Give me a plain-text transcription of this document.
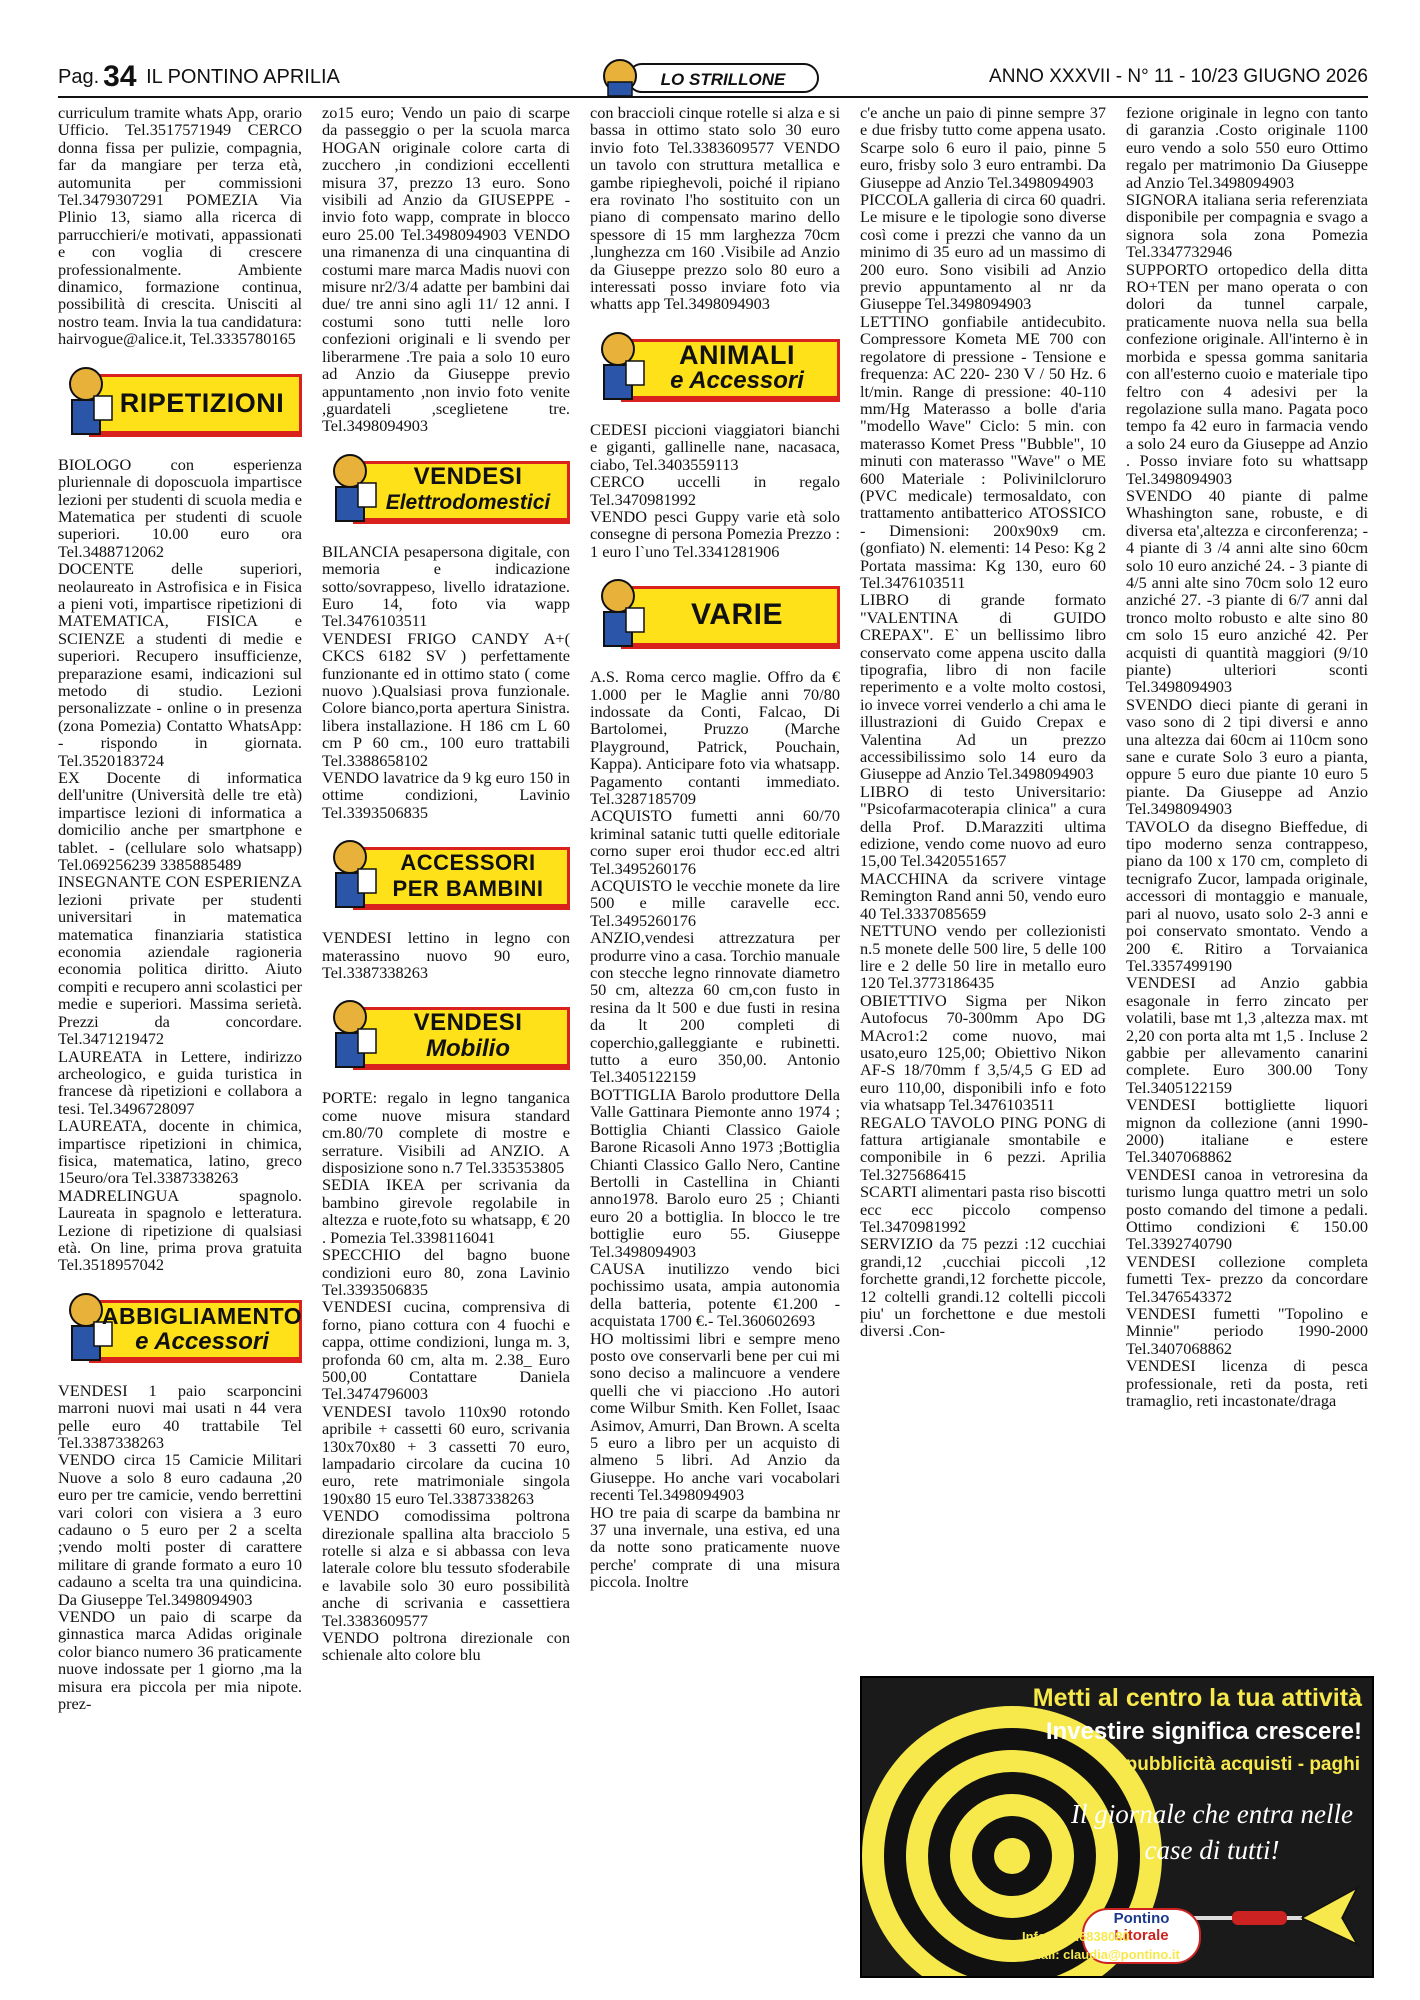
Pag. 34 IL PONTINO APRILIA	LO STRILLONE	ANNO XXXVII - N° 11 - 10/23 GIUGNO 2026

curriculum tramite whats App, orario Ufficio. Tel.3517571949 CERCO donna fissa per pulizie, compagnia, far da mangiare per terza età, automunita per commissioni Tel.3479307291 POMEZIA Via Plinio 13, siamo alla ricerca di parrucchieri/e motivati, appassionati e con voglia di crescere professionalmente. Ambiente dinamico, formazione continua, possibilità di crescita. Unisciti al nostro team. Invia la tua candidatura: hairvogue@alice.it, Tel.3335780165

RIPETIZIONI

BIOLOGO con esperienza pluriennale di doposcuola impartisce lezioni per studenti di scuola media e Matematica per studenti di scuole superiori. 10.00 euro ora Tel.3488712062

DOCENTE delle superiori, neolaureato in Astrofisica e in Fisica a pieni voti, impartisce ripetizioni di MATEMATICA, FISICA e SCIENZE a studenti di medie e superiori. Recupero insufficienze, preparazione esami, indicazioni sul metodo di studio. Lezioni personalizzate - online o in presenza (zona Pomezia) Contatto WhatsApp: - rispondo in giornata. Tel.3520183724

EX Docente di informatica dell'unitre (Università delle tre età) impartisce lezioni di informatica a domicilio anche per smartphone e tablet. - (cellulare solo whatsapp) Tel.069256239 3385885489

INSEGNANTE CON ESPERIENZA lezioni private per studenti universitari in matematica matematica finanziaria statistica economia aziendale ragioneria economia politica diritto. Aiuto compiti e recupero anni scolastici per medie e superiori. Massima serietà. Prezzi da concordare. Tel.3471219472

LAUREATA in Lettere, indirizzo archeologico, e guida turistica in francese dà ripetizioni e collabora a tesi. Tel.3496728097

LAUREATA, docente in chimica, impartisce ripetizioni in chimica, fisica, matematica, latino, greco 15euro/ora Tel.3387338263

MADRELINGUA spagnolo. Laureata in spagnolo e letteratura. Lezione di ripetizione di qualsiasi età. On line, prima prova gratuita Tel.3518957042

ABBIGLIAMENTO
e Accessori

VENDESI 1 paio scarponcini marroni nuovi mai usati n 44 vera pelle euro 40 trattabile Tel Tel.3387338263

VENDO circa 15 Camicie Militari Nuove a solo 8 euro cadauna ,20 euro per tre camicie, vendo berrettini vari colori con visiera a 3 euro cadauno o 5 euro per 2 a scelta ;vendo molti poster di carattere militare di grande formato a euro 10 cadauno a scelta tra una quindicina. Da Giuseppe Tel.3498094903

VENDO un paio di scarpe da ginnastica marca Adidas originale color bianco numero 36 praticamente nuove indossate per 1 giorno ,ma la misura era piccola per mia nipote. prez-

zo15 euro; Vendo un paio di scarpe da passeggio o per la scuola marca HOGAN originale colore carta di zucchero ,in condizioni eccellenti misura 37, prezzo 13 euro. Sono visibili ad Anzio da GIUSEPPE -invio foto wapp, comprate in blocco euro 25.00 Tel.3498094903 VENDO una rimanenza di una cinquantina di costumi mare marca Madis nuovi con misure nr2/3/4 adatte per bambini dai due/ tre anni sino agli 11/ 12 anni. I costumi sono tutti nelle loro confezioni originali e li svendo per liberarmene .Tre paia a solo 10 euro ad Anzio da Giuseppe previo appuntamento ,non invio foto venite ,guardateli ,sceglietene tre. Tel.3498094903

VENDESI
Elettrodomestici

BILANCIA pesapersona digitale, con memoria e indicazione sotto/sovrappeso, livello idratazione. Euro 14, foto via wapp Tel.3476103511

VENDESI FRIGO CANDY A+( CKCS 6182 SV ) perfettamente funzionante ed in ottimo stato ( come nuovo ).Qualsiasi prova funzionale. Colore bianco,porta apertura Sinistra. libera installazione. H 186 cm L 60 cm P 60 cm., 100 euro trattabili Tel.3388658102

VENDO lavatrice da 9 kg euro 150 in ottime condizioni, Lavinio Tel.3393506835

ACCESSORI
PER BAMBINI

VENDESI lettino in legno con materassino nuovo 90 euro, Tel.3387338263

VENDESI
Mobilio

PORTE: regalo in legno tanganica come nuove misura standard cm.80/70 complete di mostre e serrature. Visibili ad ANZIO. A disposizione sono n.7 Tel.335353805

SEDIA IKEA per scrivania da bambino girevole regolabile in altezza e ruote,foto su whatsapp, € 20 . Pomezia Tel.3398116041

SPECCHIO del bagno buone condizioni euro 80, zona Lavinio Tel.3393506835

VENDESI cucina, comprensiva di forno, piano cottura con 4 fuochi e cappa, ottime condizioni, lunga m. 3, profonda 60 cm, alta m. 2.38_ Euro 500,00 Contattare Daniela Tel.3474796003

VENDESI tavolo 110x90 rotondo apribile + cassetti 60 euro, scrivania 130x70x80 + 3 cassetti 70 euro, lampadario circolare da cucina 10 euro, rete matrimoniale singola 190x80 15 euro Tel.3387338263

VENDO comodissima poltrona direzionale spallina alta bracciolo 5 rotelle si alza e si abbassa con leva laterale colore blu tessuto sfoderabile e lavabile solo 30 euro possibilità anche di scrivania e cassettiera Tel.3383609577

VENDO poltrona direzionale con schienale alto colore blu

con braccioli cinque rotelle si alza e si bassa in ottimo stato solo 30 euro invio foto Tel.3383609577 VENDO un tavolo con struttura metallica e gambe ripieghevoli, poiché il ripiano era rovinato l'ho sostituito con un piano di compensato marino dello spessore di 15 mm larghezza 70cm ,lunghezza cm 160 .Visibile ad Anzio da Giuseppe prezzo solo 80 euro a interessati posso inviare foto via whatts app Tel.3498094903

ANIMALI
e Accessori

CEDESI piccioni viaggiatori bianchi e giganti, gallinelle nane, nacasaca, ciabo, Tel.3403559113

CERCO uccelli in regalo Tel.3470981992

VENDO pesci Guppy varie età solo consegne di persona Pomezia Prezzo : 1 euro l`uno Tel.3341281906

VARIE

A.S. Roma cerco maglie. Offro da € 1.000 per le Maglie anni 70/80 indossate da Conti, Falcao, Di Bartolomei, Pruzzo (Marche Playground, Patrick, Pouchain, Kappa). Anticipare foto via whatsapp. Pagamento contanti immediato. Tel.3287185709

ACQUISTO fumetti anni 60/70 kriminal satanic tutti quelle editoriale corno super eroi thudor ecc.ed altri Tel.3495260176

ACQUISTO le vecchie monete da lire 500 e mille caravelle ecc. Tel.3495260176

ANZIO,vendesi attrezzatura per produrre vino a casa. Torchio manuale con stecche legno rinnovate diametro 50 cm, altezza 60 cm,con fusto in resina da lt 500 e due fusti in resina da lt 200 completi di coperchio,galleggiante e rubinetti. tutto a euro 350,00. Antonio Tel.3405122159

BOTTIGLIA Barolo produttore Della Valle Gattinara Piemonte anno 1974 ; Bottiglia Chianti Classico Gaiole Barone Ricasoli Anno 1973 ;Bottiglia Chianti Classico Gallo Nero, Cantine Bertolli in Castellina in Chianti anno1978. Barolo euro 25 ; Chianti euro 20 a bottiglia. In blocco le tre bottiglie euro 55. Giuseppe Tel.3498094903

CAUSA inutilizzo vendo bici pochissimo usata, ampia autonomia della batteria, potente €1.200 - acquistata 1700 €.- Tel.360602693

HO moltissimi libri e sempre meno posto ove conservarli bene per cui mi sono deciso a malincuore a vendere quelli che vi piacciono .Ho autori come Wilbur Smith. Ken Follet, Isaac Asimov, Amurri, Dan Brown. A scelta 5 euro a libro per un acquisto di almeno 5 libri. Ad Anzio da Giuseppe. Ho anche vari vocabolari recenti Tel.3498094903

HO tre paia di scarpe da bambina nr 37 una invernale, una estiva, ed una da notte sono praticamente nuove perche' comprate di una misura piccola. Inoltre

c'e anche un paio di pinne sempre 37 e due frisby tutto come appena usato. Scarpe solo 6 euro il paio, pinne 5 euro, frisby solo 3 euro entrambi. Da Giuseppe ad Anzio Tel.3498094903

PICCOLA galleria di circa 60 quadri. Le misure e le tipologie sono diverse così come i prezzi che vanno da un minimo di 35 euro ad un massimo di 200 euro. Sono visibili ad Anzio previo appuntamento al nr da Giuseppe Tel.3498094903

LETTINO gonfiabile antidecubito. Compressore Kometa ME 700 con regolatore di pressione - Tensione e frequenza: AC 220- 230 V / 50 Hz. 6 lt/min. Range di pressione: 40-110 mm/Hg Materasso a bolle d'aria "modello Wave" Ciclo: 5 min. con materasso Komet Press "Bubble", 10 minuti con materasso "Wave" o ME 600 Materiale : Polivinilcloruro (PVC medicale) termosaldato, con trattamento antibatterico ATOSSICO - Dimensioni: 200x90x9 cm. (gonfiato) N. elementi: 14 Peso: Kg 2 Portata massima: Kg 130, euro 60 Tel.3476103511

LIBRO di grande formato "VALENTINA di GUIDO CREPAX". E` un bellissimo libro conservato come appena uscito dalla tipografia, libro di non facile reperimento e a volte molto costosi, io invece vorrei venderlo a chi ama le illustrazioni di Guido Crepax e Valentina Ad un prezzo accessibilissimo solo 14 euro da Giuseppe ad Anzio Tel.3498094903

LIBRO di testo Universitario: "Psicofarmacoterapia clinica" a cura della Prof. D.Marazziti ultima edizione, vendo come nuovo ad euro 15,00 Tel.3420551657

MACCHINA da scrivere vintage Remington Rand anni 50, vendo euro 40 Tel.3337085659

NETTUNO vendo per collezionisti n.5 monete delle 500 lire, 5 delle 100 lire e 2 delle 50 lire in metallo euro 120 Tel.3773186435

OBIETTIVO Sigma per Nikon Autofocus 70-300mm Apo DG MAcro1:2 come nuovo, mai usato,euro 125,00; Obiettivo Nikon AF-S 18/70mm f 3,5/4,5 G ED ad euro 110,00, disponibili info e foto via whatsapp Tel.3476103511

REGALO TAVOLO PING PONG di fattura artigianale smontabile e componibile in 6 pezzi. Aprilia Tel.3275686415

SCARTI alimentari pasta riso biscotti ecc ecc piccolo compenso Tel.3470981992

SERVIZIO da 75 pezzi :12 cucchiai grandi,12 ,cucchiai piccoli ,12 forchette grandi,12 forchette piccole, 12 coltelli grandi.12 coltelli piccoli piu' un forchettone e due mestoli diversi .Con-

fezione originale in legno con tanto di garanzia .Costo originale 1100 euro vendo a solo 550 euro Ottimo regalo per matrimonio Da Giuseppe ad Anzio Tel.3498094903

SIGNORA italiana seria referenziata disponibile per compagnia e svago a signora sola zona Pomezia Tel.3347732946

SUPPORTO ortopedico della ditta RO+TEN per mano operata o con dolori da tunnel carpale, praticamente nuova nella sua bella confezione originale. All'interno è in morbida e spessa gomma sanitaria con all'esterno cuoio e materiale tipo feltro con 4 adesivi per la regolazione sulla mano. Pagata poco tempo fa 42 euro in farmacia vendo a solo 24 euro da Giuseppe ad Anzio . Posso inviare foto su whattsapp Tel.3498094903

SVENDO 40 piante di palme Whashington sane, robuste, e di diversa eta',altezza e circonferenza; - 4 piante di 3 /4 anni alte sino 60cm solo 10 euro anziché 24. - 3 piante di 4/5 anni alte sino 70cm solo 12 euro anziché 27. -3 piante di 6/7 anni dal tronco molto robusto e alte sino 80 cm solo 15 euro anziché 42. Per acquisti di quantità maggiori (9/10 piante) ulteriori sconti Tel.3498094903

SVENDO dieci piante di gerani in vaso sono di 2 tipi diversi e anno una altezza dai 60cm ai 110cm sono sane e curate Solo 3 euro a pianta, oppure 5 euro due piante 10 euro 5 piante. Da Giuseppe ad Anzio Tel.3498094903

TAVOLO da disegno Bieffedue, di tipo moderno senza contrappeso, piano da 100 x 170 cm, completo di tecnigrafo Zucor, lampada originale, accessori di montaggio e manuale, pari al nuovo, usato solo 2-3 anni e poi conservato smontato. Vendo a 200 €. Ritiro a Torvaianica Tel.3357499190

VENDESI ad Anzio gabbia esagonale in ferro zincato per volatili, base mt 1,3 ,altezza max. mt 2,20 con porta alta mt 1,5 . Incluse 2 gabbie per allevamento canarini complete. Euro 300.00 Tony Tel.3405122159

VENDESI bottigliette liquori mignon da collezione (anni 1990-2000) italiane e estere Tel.3407068862

VENDESI canoa in vetroresina da turismo lunga quattro metri un solo posto comando del timone a pedali. Ottimo condizioni € 150.00 Tel.3392740790

VENDESI collezione completa fumetti Tex- prezzo da concordare Tel.3476543372

VENDESI fumetti "Topolino e Minnie" periodo 1990-2000 Tel.3407068862

VENDESI licenza di pesca professionale, reti da posta, reti tramaglio, reti incastonate/draga

Metti al centro la tua attività
Investire significa crescere!
+ pubblicità acquisti - paghi
Il giornale che entra nelle case di tutti!
Pontino
Litorale
Info: 328.6838080
email: claudia@pontino.it
